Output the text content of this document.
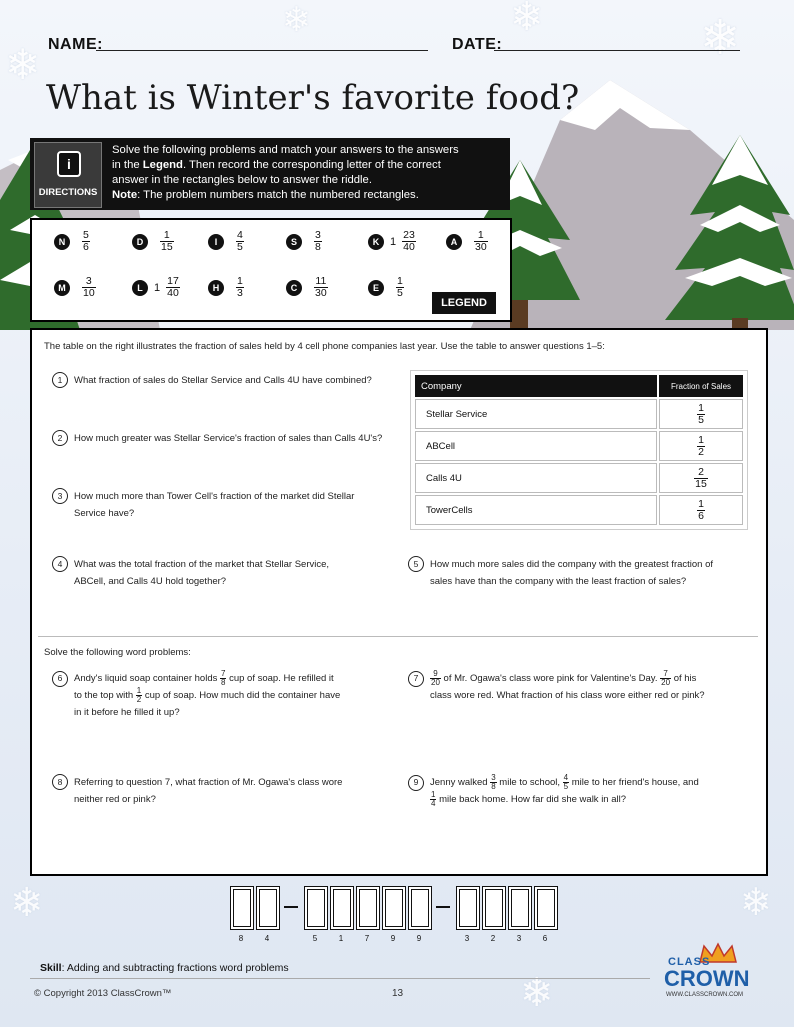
❄	❄	❄
❄
❄
❄
❄
NAME:	DATE:
What is Winter's favorite food?
i
DIRECTIONS
Solve the following problems and match your answers to the answers
in the Legend. Then record the corresponding letter of the correct
answer in the rectangles below to answer the riddle.
Note: The problem numbers match the numbered rectangles.
N	$\frac{5}{6}$	D	$\frac{1}{15}$	I	$\frac{4}{5}$	S	$\frac{3}{8}$	K $1 \frac{23}{40}$	A	$\frac{1}{30}$
M	$\frac{3}{10}$	L	$1 \frac{17}{40}$	H	$\frac{1}{3}$	C	$\frac{11}{30}$	E	$\frac{1}{5}$
LEGEND
The table on the right illustrates the fraction of sales held by 4 cell phone companies last year. Use the table to answer questions 1–5:
1 What fraction of sales do Stellar Service and Calls 4U have combined?
2 How much greater was Stellar Service's fraction of sales than Calls 4U's?
3 How much more than Tower Cell's fraction of the market did Stellar
Service have?
4 What was the total fraction of the market that Stellar Service,
ABCell, and Calls 4U hold together?
5 How much more sales did the company with the greatest fraction of
sales have than the company with the least fraction of sales?
Company	Fraction of Sales
Stellar Service	$\frac{1}{5}$

ABCell	$\frac{1}{2}$

Calls 4U	$\frac{2}{15}$

TowerCells	$\frac{1}{6}$
Solve the following word problems:
6 Andy's liquid soap container holds $\frac{7}{8}$ cup of soap. He refilled it
to the top with $\frac{1}{2}$ cup of soap. How much did the container have
in it before he filled it up?
$7 \frac{9}{20}$ of Mr. Ogawa's class wore pink for Valentine's Day. $\frac{7}{20}$ of his
class wore red. What fraction of his class wore either red or pink?
8 Referring to question 7, what fraction of Mr. Ogawa's class wore
neither red or pink?
9 Jenny walked $\frac{3}{8}$ mile to school, $\frac{4}{5}$ mile to her friend's house, and
$\frac{1}{4}$ mile back home. How far did she walk in all?
8	4	5	1	7	9	9	3	2	3	6
Skill: Adding and subtracting fractions word problems
© Copyright 2013 ClassCrown™	13
CLASS
CROWN
WWW.CLASSCROWN.COM
